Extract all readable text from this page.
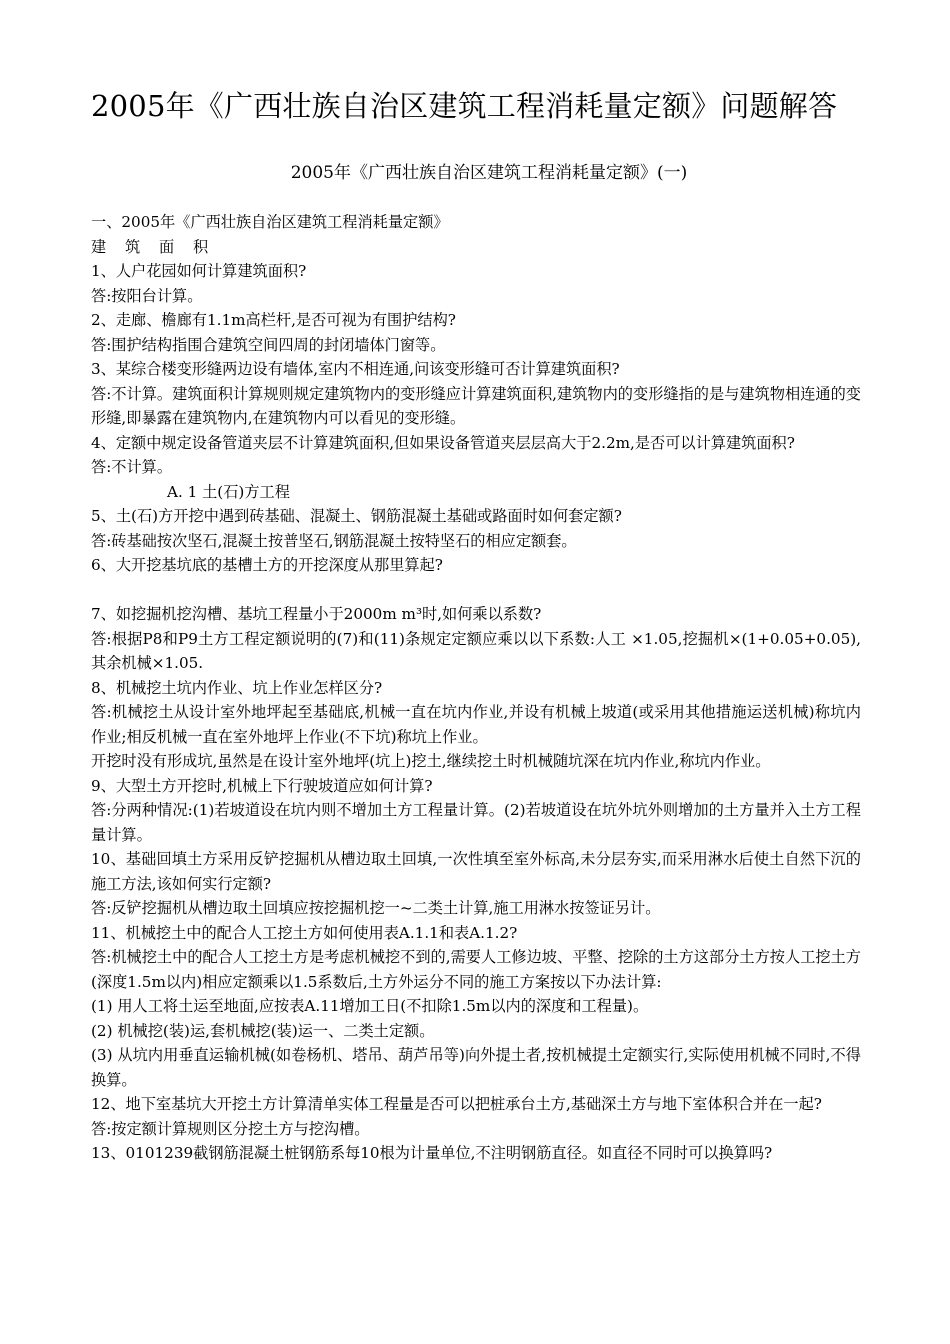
2005年《广西壮族自治区建筑工程消耗量定额》问题解答
2005年《广西壮族自治区建筑工程消耗量定额》(一)

一、2005年《广西壮族自治区建筑工程消耗量定额》

建 筑 面 积

1、人户花园如何计算建筑面积?

答:按阳台计算。

2、走廊、檐廊有1.1m高栏杆,是否可视为有围护结构?

答:围护结构指围合建筑空间四周的封闭墙体门窗等。

3、某综合楼变形缝两边设有墙体,室内不相连通,问该变形缝可否计算建筑面积?

答:不计算。建筑面积计算规则规定建筑物内的变形缝应计算建筑面积,建筑物内的变形缝指的是与建筑物相连通的变形缝,即暴露在建筑物内,在建筑物内可以看见的变形缝。

4、定额中规定设备管道夹层不计算建筑面积,但如果设备管道夹层层高大于2.2m,是否可以计算建筑面积?

答:不计算。

A. 1 土(石)方工程

5、土(石)方开挖中遇到砖基础、混凝土、钢筋混凝土基础或路面时如何套定额?

答:砖基础按次坚石,混凝土按普坚石,钢筋混凝土按特坚石的相应定额套。

6、大开挖基坑底的基槽土方的开挖深度从那里算起?

7、如挖掘机挖沟槽、基坑工程量小于2000m m³时,如何乘以系数?

答:根据P8和P9土方工程定额说明的(7)和(11)条规定定额应乘以以下系数:人工 ×1.05,挖掘机×(1+0.05+0.05),其余机械×1.05.

8、机械挖土坑内作业、坑上作业怎样区分?

答:机械挖土从设计室外地坪起至基础底,机械一直在坑内作业,并设有机械上坡道(或采用其他措施运送机械)称坑内作业;相反机械一直在室外地坪上作业(不下坑)称坑上作业。

开挖时没有形成坑,虽然是在设计室外地坪(坑上)挖土,继续挖土时机械随坑深在坑内作业,称坑内作业。

9、大型土方开挖时,机械上下行驶坡道应如何计算?

答:分两种情况:(1)若坡道设在坑内则不增加土方工程量计算。(2)若坡道设在坑外坑外则增加的土方量并入土方工程量计算。

10、基础回填土方采用反铲挖掘机从槽边取土回填,一次性填至室外标高,未分层夯实,而采用淋水后使土自然下沉的施工方法,该如何实行定额?

答:反铲挖掘机从槽边取土回填应按挖掘机挖一~二类土计算,施工用淋水按签证另计。

11、机械挖土中的配合人工挖土方如何使用表A.1.1和表A.1.2?

答:机械挖土中的配合人工挖土方是考虑机械挖不到的,需要人工修边坡、平整、挖除的土方这部分土方按人工挖土方(深度1.5m以内)相应定额乘以1.5系数后,土方外运分不同的施工方案按以下办法计算:

(1) 用人工将土运至地面,应按表A.11增加工日(不扣除1.5m以内的深度和工程量)。

(2) 机械挖(装)运,套机械挖(装)运一、二类土定额。

(3) 从坑内用垂直运输机械(如卷杨机、塔吊、葫芦吊等)向外提土者,按机械提土定额实行,实际使用机械不同时,不得换算。

12、地下室基坑大开挖土方计算清单实体工程量是否可以把桩承台土方,基础深土方与地下室体积合并在一起?

答:按定额计算规则区分挖土方与挖沟槽。

13、0101239截钢筋混凝土桩钢筋系每10根为计量单位,不注明钢筋直径。如直径不同时可以换算吗?
